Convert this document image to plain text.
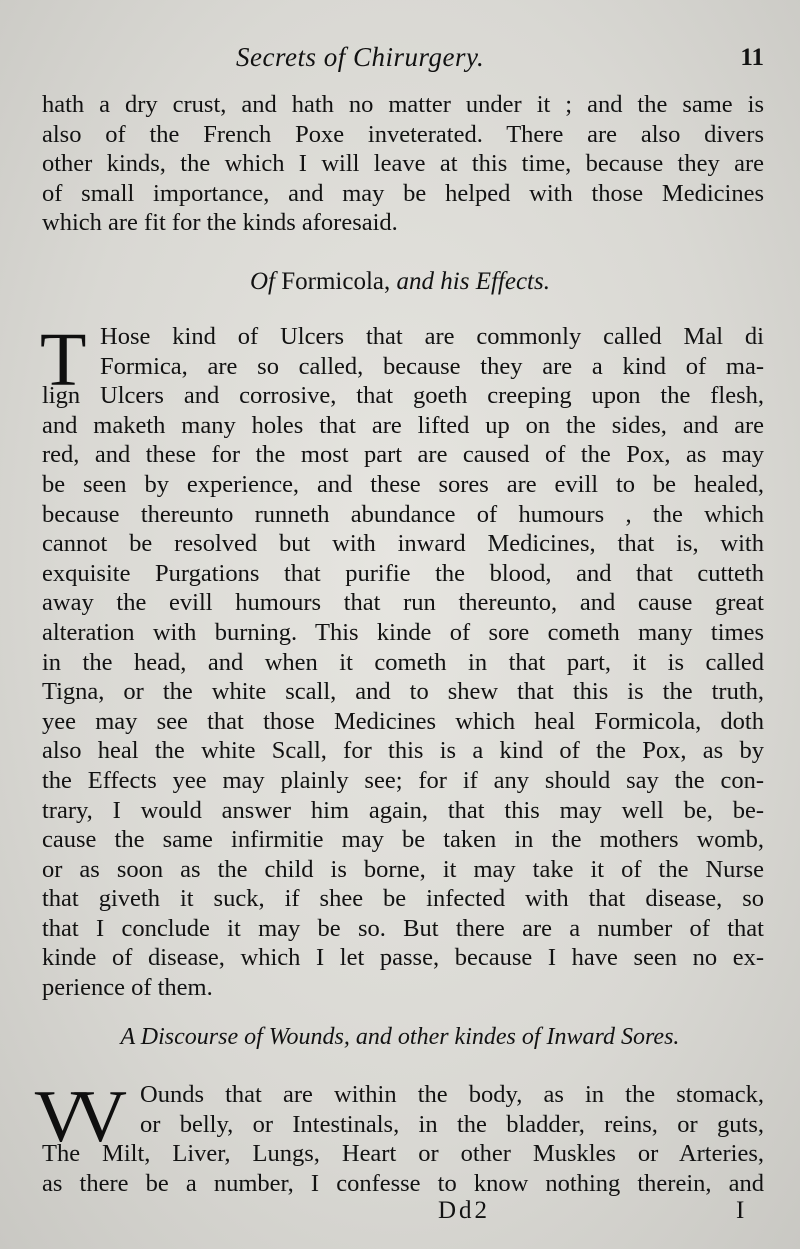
Secrets of Chirurgery.	11
hath a dry crust, and hath no matter under it ; and the same is
also of the French Poxe inveterated. There are also divers
other kinds, the which I will leave at this time, because they are
of small importance, and may be helped with those Medicines
which are fit for the kinds aforesaid.
Of Formicola, and his Effects.
T Hose kind of Ulcers that are commonly called Mal di
Formica, are so called, because they are a kind of ma-
lign Ulcers and corrosive, that goeth creeping upon the flesh,
and maketh many holes that are lifted up on the sides, and are
red, and these for the most part are caused of the Pox, as may
be seen by experience, and these sores are evill to be healed,
because thereunto runneth abundance of humours , the which
cannot be resolved but with inward Medicines, that is, with
exquisite Purgations that purifie the blood, and that cutteth
away the evill humours that run thereunto, and cause great
alteration with burning. This kinde of sore cometh many times
in the head, and when it cometh in that part, it is called
Tigna, or the white scall, and to shew that this is the truth,
yee may see that those Medicines which heal Formicola, doth
also heal the white Scall, for this is a kind of the Pox, as by
the Effects yee may plainly see; for if any should say the con-
trary, I would answer him again, that this may well be, be-
cause the same infirmitie may be taken in the mothers womb,
or as soon as the child is borne, it may take it of the Nurse
that giveth it suck, if shee be infected with that disease, so
that I conclude it may be so. But there are a number of that
kinde of disease, which I let passe, because I have seen no ex-
perience of them.
A Discourse of Wounds, and other kindes of Inward Sores.
VV	Ounds that are within the body, as in the stomack,
or belly, or Intestinals, in the bladder, reins, or guts,
The Milt, Liver, Lungs, Heart or other Muskles or Arteries,
as there be a number, I confesse to know nothing therein, and
Dd2	I
